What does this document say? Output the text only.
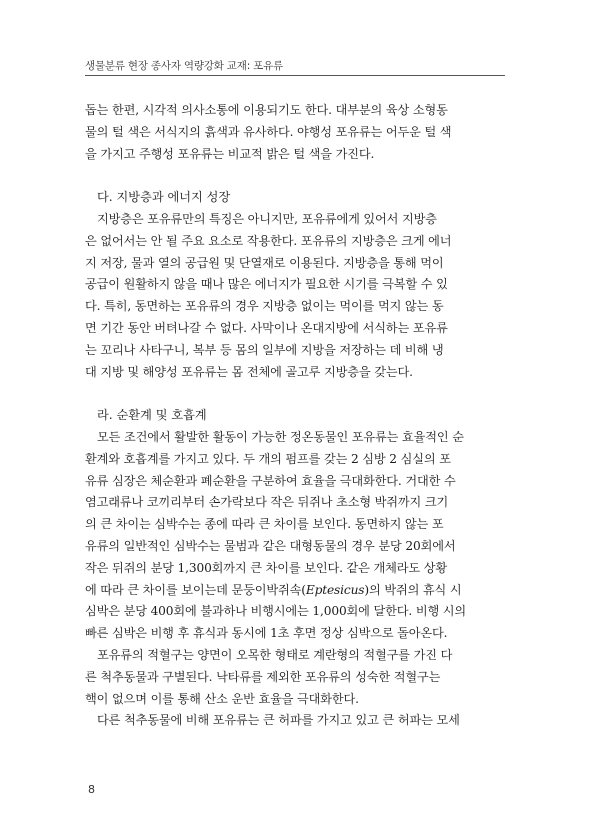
생물분류 현장 종사자 역량강화 교재: 포유류
돕는 한편, 시각적 의사소통에 이용되기도 한다. 대부분의 육상 소형동
물의 털 색은 서식지의 흙색과 유사하다. 야행성 포유류는 어두운 털 색
을 가지고 주행성 포유류는 비교적 밝은 털 색을 가진다.
다. 지방층과 에너지 성장
지방층은 포유류만의 특징은 아니지만, 포유류에게 있어서 지방층
은 없어서는 안 될 주요 요소로 작용한다. 포유류의 지방층은 크게 에너
지 저장, 물과 열의 공급원 및 단열재로 이용된다. 지방층을 통해 먹이
공급이 원활하지 않을 때나 많은 에너지가 필요한 시기를 극복할 수 있
다. 특히, 동면하는 포유류의 경우 지방층 없이는 먹이를 먹지 않는 동
면 기간 동안 버텨나갈 수 없다. 사막이나 온대지방에 서식하는 포유류
는 꼬리나 사타구니, 복부 등 몸의 일부에 지방을 저장하는 데 비해 냉
대 지방 및 해양성 포유류는 몸 전체에 골고루 지방층을 갖는다.
라. 순환계 및 호흡계
모든 조건에서 활발한 활동이 가능한 정온동물인 포유류는 효율적인 순
환계와 호흡계를 가지고 있다. 두 개의 펌프를 갖는 2 심방 2 심실의 포
유류 심장은 체순환과 폐순환을 구분하여 효율을 극대화한다. 거대한 수
염고래류나 코끼리부터 손가락보다 작은 뒤쥐나 초소형 박쥐까지 크기
의 큰 차이는 심박수는 종에 따라 큰 차이를 보인다. 동면하지 않는 포
유류의 일반적인 심박수는 물범과 같은 대형동물의 경우 분당 20회에서
작은 뒤쥐의 분당 1,300회까지 큰 차이를 보인다. 같은 개체라도 상황
에 따라 큰 차이를 보이는데 문둥이박쥐속(Eptesicus)의 박쥐의 휴식 시
심박은 분당 400회에 불과하나 비행시에는 1,000회에 달한다. 비행 시의
빠른 심박은 비행 후 휴식과 동시에 1초 후면 정상 심박으로 돌아온다.
포유류의 적혈구는 양면이 오목한 형태로 계란형의 적혈구를 가진 다
른 척추동물과 구별된다. 낙타류를 제외한 포유류의 성숙한 적혈구는
핵이 없으며 이를 통해 산소 운반 효율을 극대화한다.
다른 척추동물에 비해 포유류는 큰 허파를 가지고 있고 큰 허파는 모세
8
